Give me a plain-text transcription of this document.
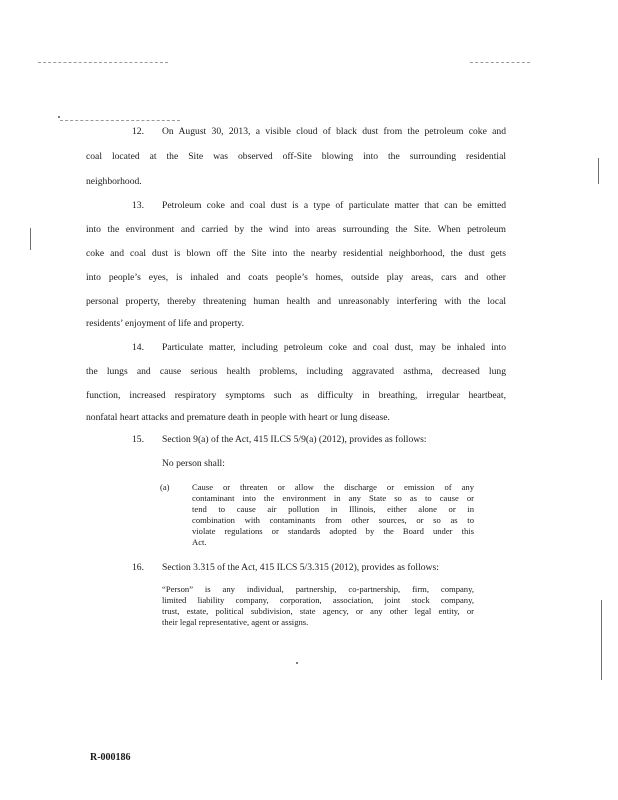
12. On August 30, 2013, a visible cloud of black dust from the petroleum coke and
coal located at the Site was observed off-Site blowing into the surrounding residential
neighborhood.
13. Petroleum coke and coal dust is a type of particulate matter that can be emitted
into the environment and carried by the wind into areas surrounding the Site. When petroleum
coke and coal dust is blown off the Site into the nearby residential neighborhood, the dust gets
into people’s eyes, is inhaled and coats people’s homes, outside play areas, cars and other
personal property, thereby threatening human health and unreasonably interfering with the local
residents’ enjoyment of life and property.
14. Particulate matter, including petroleum coke and coal dust, may be inhaled into
the lungs and cause serious health problems, including aggravated asthma, decreased lung
function, increased respiratory symptoms such as difficulty in breathing, irregular heartbeat,
nonfatal heart attacks and premature death in people with heart or lung disease.
15. Section 9(a) of the Act, 415 ILCS 5/9(a) (2012), provides as follows:
No person shall:
(a)	Cause or threaten or allow the discharge or emission of any
contaminant into the environment in any State so as to cause or
tend to cause air pollution in Illinois, either alone or in
combination with contaminants from other sources, or so as to
violate regulations or standards adopted by the Board under this
Act.
16. Section 3.315 of the Act, 415 ILCS 5/3.315 (2012), provides as follows:
“Person” is any individual, partnership, co-partnership, firm, company,
limited liability company, corporation, association, joint stock company,
trust, estate, political subdivision, state agency, or any other legal entity, or
their legal representative, agent or assigns.
R-000186
